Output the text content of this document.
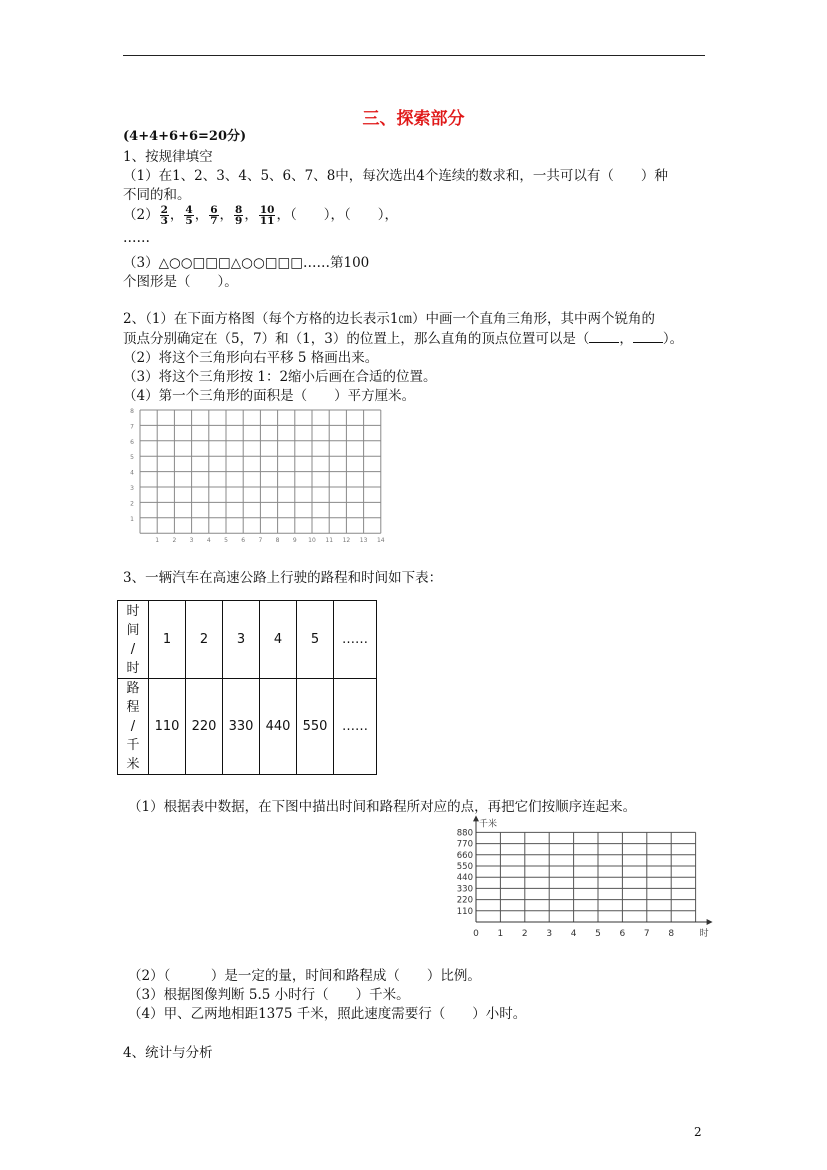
三、探索部分
(4+4+6+6=20分)
1、按规律填空
（1）在1、2、3、4、5、6、7、8中，每次选出4个连续的数求和，一共可以有（　　）种
不同的和。
$(2) \frac{2}{3}$ ， $\frac{4}{5}$ ， $\frac{6}{7}$ ， $\frac{8}{9}$ ， $\frac{10}{11}$ ，（　　），（　　），
……
（3）△○○□□□△○○□□□……第100
个图形是（　　）。
2、（1）在下面方格图（每个方格的边长表示1㎝）中画一个直角三角形，其中两个锐角的
顶点分别确定在（5，7）和（1，3）的位置上，那么直角的顶点位置可以是（ ， ）。
（2）将这个三角形向右平移 5 格画出来。
（3）将这个三角形按 1：2缩小后画在合适的位置。
（4）第一个三角形的面积是（　　）平方厘米。
1
2
3
4
5
6
7
8
1 2 3 4 5 6 7 8 9 10 11 12 13 14
3、一辆汽车在高速公路上行驶的路程和时间如下表：
时
间
/
时	1	2	3	4	5	……

路
程
/
千
米	110	220	330	440	550	……
（1）根据表中数据，在下图中描出时间和路程所对应的点，再把它们按顺序连起来。
110
220
330
440
550
660
770
880
千米
0 1 2 3 4 5 6 7 8	时
（2）（　　　）是一定的量，时间和路程成（　　）比例。
（3）根据图像判断 5.5 小时行（　　）千米。
（4）甲、乙两地相距1375 千米，照此速度需要行（　　）小时。
4、统计与分析
2
